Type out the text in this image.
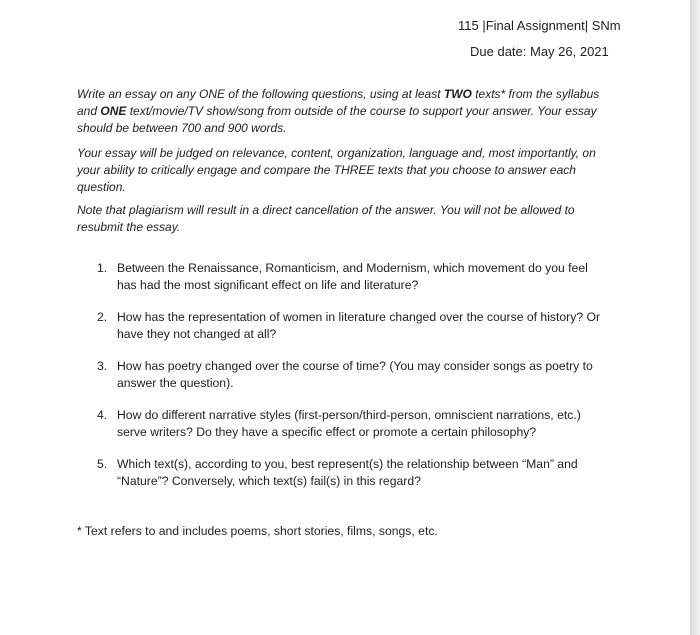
115 |Final Assignment| SNm
Due date: May 26, 2021
Write an essay on any ONE of the following questions, using at least TWO texts* from the syllabus and ONE text/movie/TV show/song from outside of the course to support your answer. Your essay should be between 700 and 900 words.
Your essay will be judged on relevance, content, organization, language and, most importantly, on your ability to critically engage and compare the THREE texts that you choose to answer each question.
Note that plagiarism will result in a direct cancellation of the answer. You will not be allowed to resubmit the essay.
1. Between the Renaissance, Romanticism, and Modernism, which movement do you feel has had the most significant effect on life and literature?
2. How has the representation of women in literature changed over the course of history? Or have they not changed at all?
3. How has poetry changed over the course of time? (You may consider songs as poetry to answer the question).
4. How do different narrative styles (first-person/third-person, omniscient narrations, etc.) serve writers? Do they have a specific effect or promote a certain philosophy?
5. Which text(s), according to you, best represent(s) the relationship between “Man” and “Nature”? Conversely, which text(s) fail(s) in this regard?
* Text refers to and includes poems, short stories, films, songs, etc.
